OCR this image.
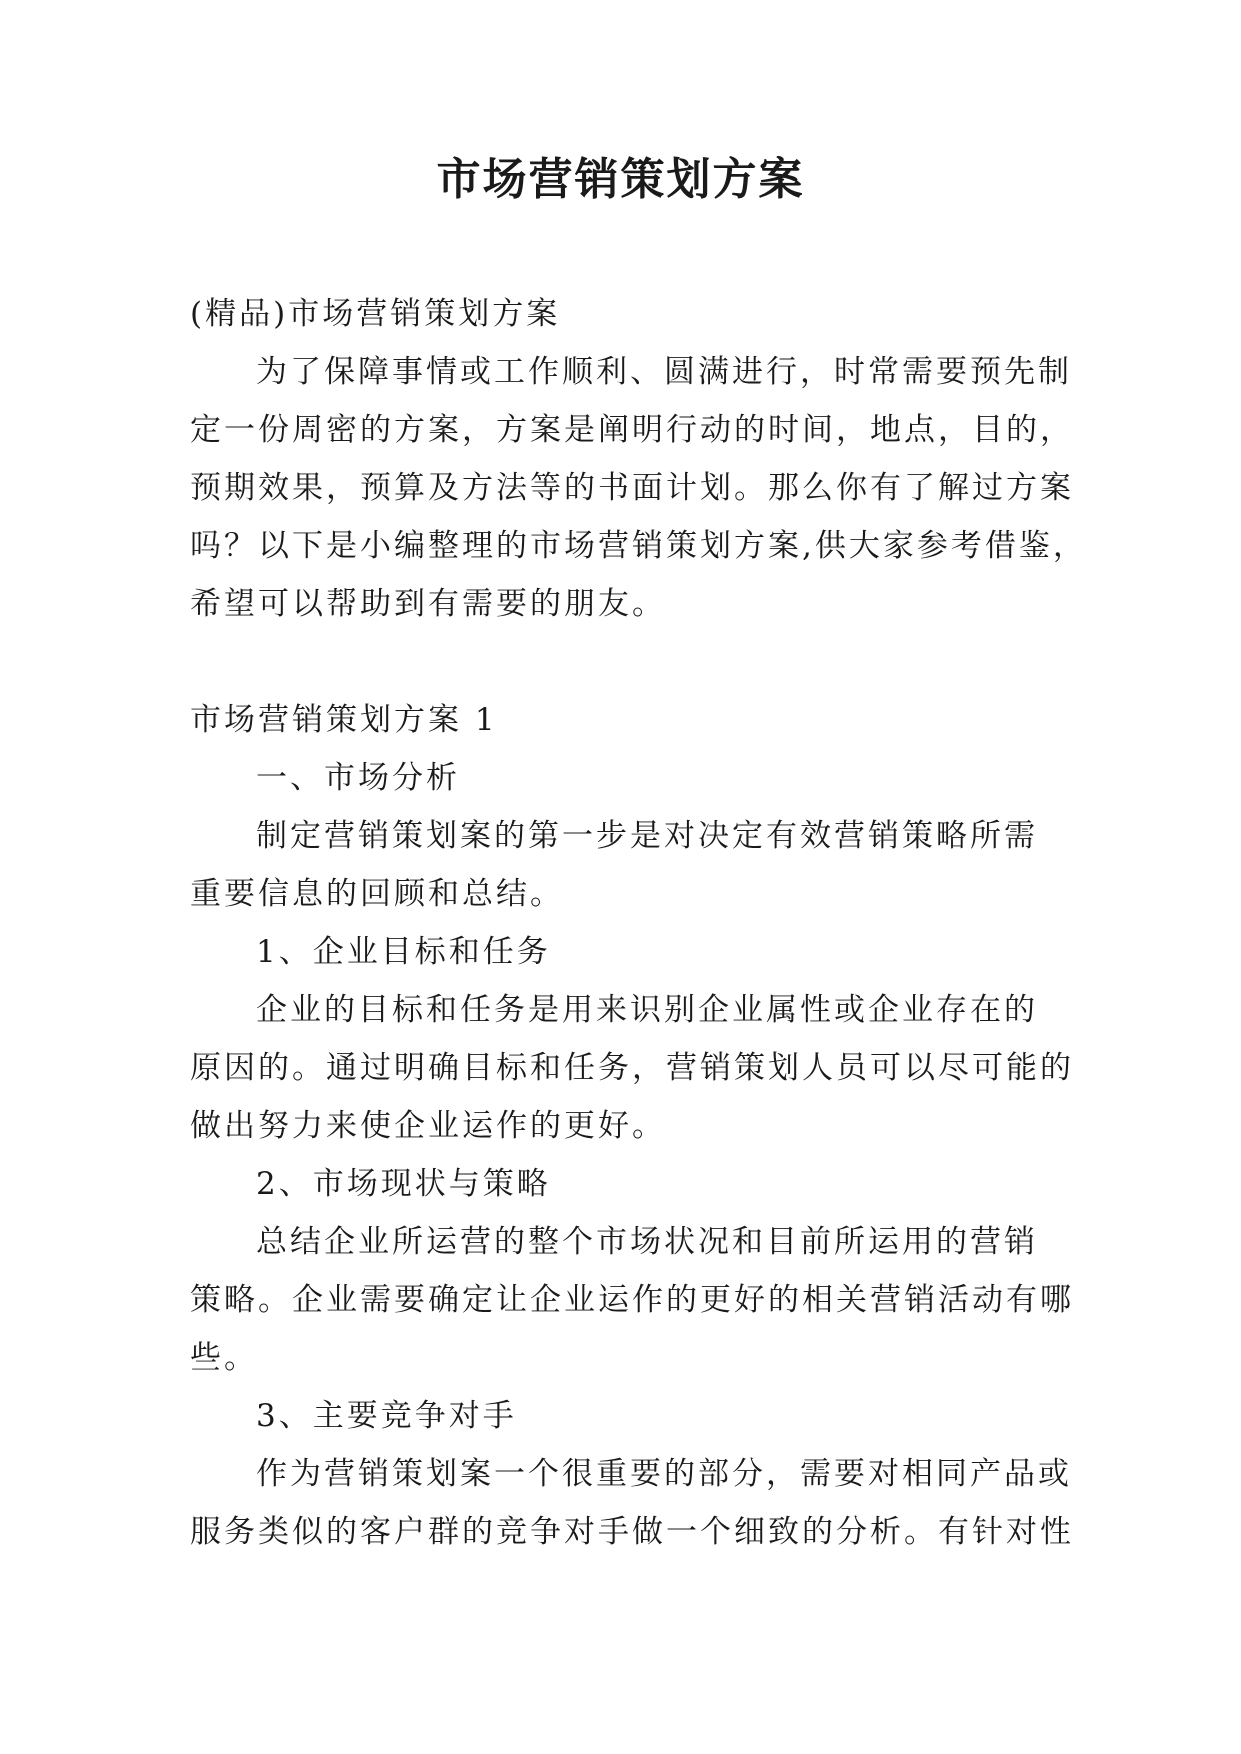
市场营销策划方案

(精品)市场营销策划方案

为了保障事情或工作顺利、圆满进行，时常需要预先制

定一份周密的方案，方案是阐明行动的时间，地点，目的，

预期效果，预算及方法等的书面计划。那么你有了解过方案

吗？以下是小编整理的市场营销策划方案,供大家参考借鉴，

希望可以帮助到有需要的朋友。

市场营销策划方案 1

一、市场分析

制定营销策划案的第一步是对决定有效营销策略所需

重要信息的回顾和总结。

1、企业目标和任务

企业的目标和任务是用来识别企业属性或企业存在的

原因的。通过明确目标和任务，营销策划人员可以尽可能的

做出努力来使企业运作的更好。

2、市场现状与策略

总结企业所运营的整个市场状况和目前所运用的营销

策略。企业需要确定让企业运作的更好的相关营销活动有哪

些。

3、主要竞争对手

作为营销策划案一个很重要的部分，需要对相同产品或

服务类似的客户群的竞争对手做一个细致的分析。有针对性
